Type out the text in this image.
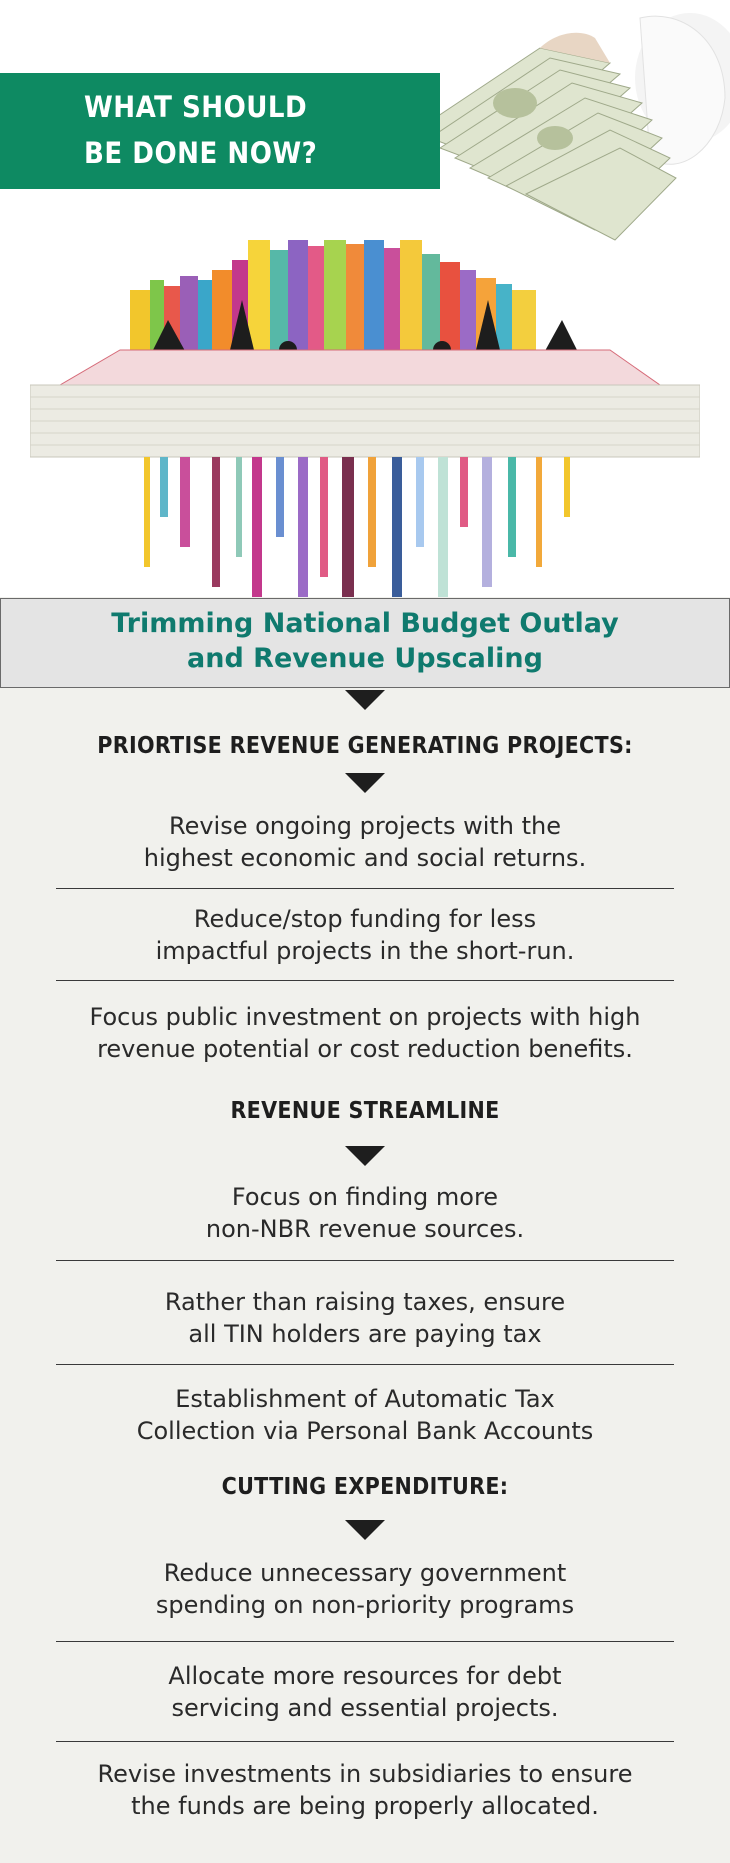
WHAT SHOULD
BE DONE NOW?
Trimming National Budget Outlay
and Revenue Upscaling
PRIORTISE REVENUE GENERATING PROJECTS:
Revise ongoing projects with the
highest economic and social returns.
Reduce/stop funding for less
impactful projects in the short-run.
Focus public investment on projects with high
revenue potential or cost reduction benefits.
REVENUE STREAMLINE
Focus on finding more
non-NBR revenue sources.
Rather than raising taxes, ensure
all TIN holders are paying tax
Establishment of Automatic Tax
Collection via Personal Bank Accounts
CUTTING EXPENDITURE:
Reduce unnecessary government
spending on non-priority programs
Allocate more resources for debt
servicing and essential projects.
Revise investments in subsidiaries to ensure
the funds are being properly allocated.
